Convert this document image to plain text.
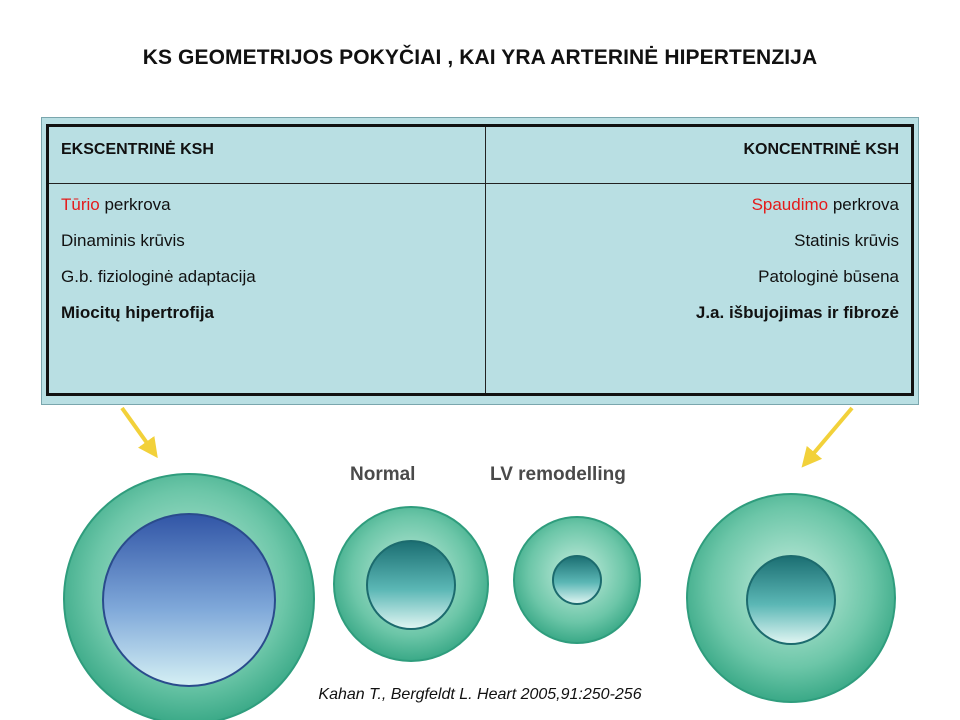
KS GEOMETRIJOS POKYČIAI , KAI YRA ARTERINĖ HIPERTENZIJA
EKSCENTRINĖ KSH	KONCENTRINĖ KSH
Tūrio perkrova
Dinaminis krūvis
G.b. fiziologinė adaptacija
Miocitų hipertrofija
Spaudimo perkrova
Statinis krūvis
Patologinė būsena
J.a. išbujojimas ir fibrozė
Normal	LV remodelling
Kahan T., Bergfeldt L. Heart 2005,91:250-256
